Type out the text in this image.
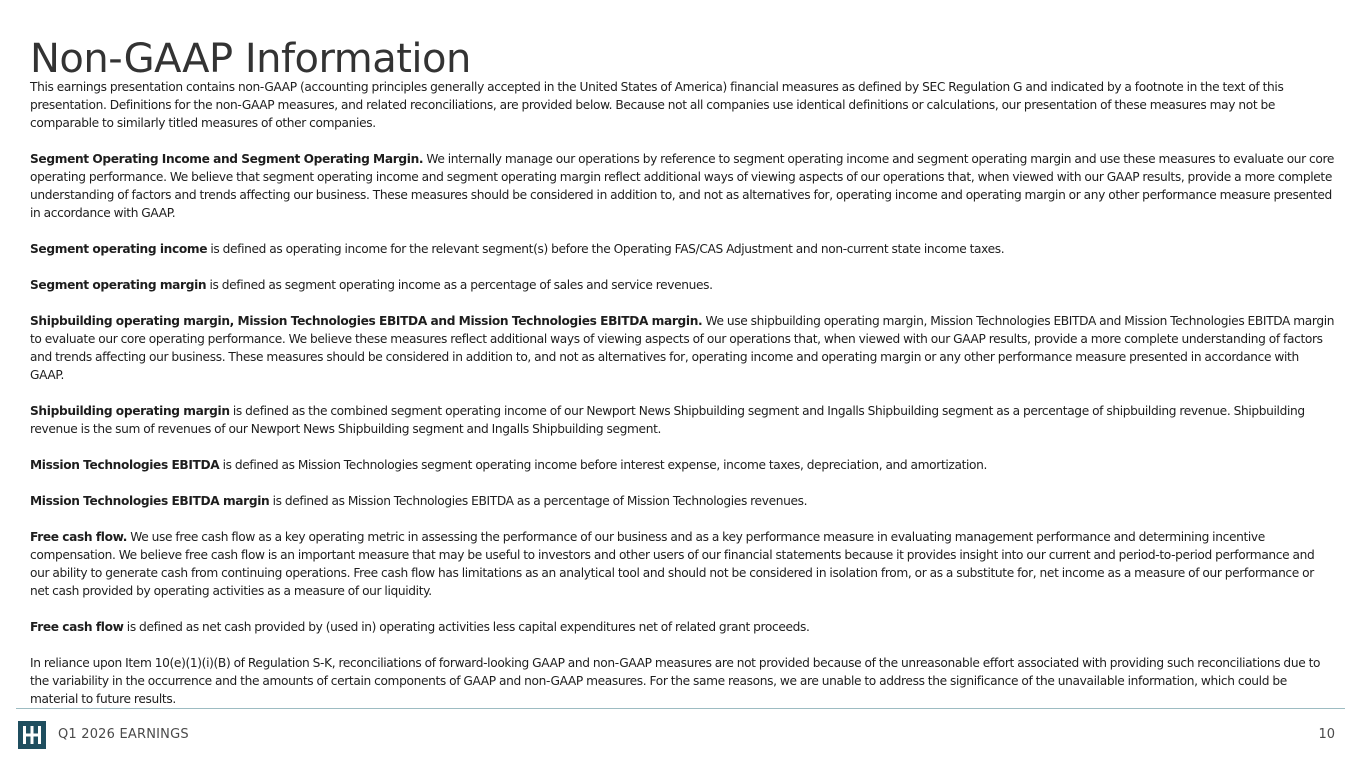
Non-GAAP Information

This earnings presentation contains non-GAAP (accounting principles generally accepted in the United States of America) financial measures as defined by SEC Regulation G and indicated by a footnote in the text of this presentation. Definitions for the non-GAAP measures, and related reconciliations, are provided below. Because not all companies use identical definitions or calculations, our presentation of these measures may not be comparable to similarly titled measures of other companies.

Segment Operating Income and Segment Operating Margin. We internally manage our operations by reference to segment operating income and segment operating margin and use these measures to evaluate our core operating performance. We believe that segment operating income and segment operating margin reflect additional ways of viewing aspects of our operations that, when viewed with our GAAP results, provide a more complete understanding of factors and trends affecting our business. These measures should be considered in addition to, and not as alternatives for, operating income and operating margin or any other performance measure presented in accordance with GAAP.

Segment operating income is defined as operating income for the relevant segment(s) before the Operating FAS/CAS Adjustment and non-current state income taxes.

Segment operating margin is defined as segment operating income as a percentage of sales and service revenues.

Shipbuilding operating margin, Mission Technologies EBITDA and Mission Technologies EBITDA margin. We use shipbuilding operating margin, Mission Technologies EBITDA and Mission Technologies EBITDA margin to evaluate our core operating performance. We believe these measures reflect additional ways of viewing aspects of our operations that, when viewed with our GAAP results, provide a more complete understanding of factors and trends affecting our business. These measures should be considered in addition to, and not as alternatives for, operating income and operating margin or any other performance measure presented in accordance with GAAP.

Shipbuilding operating margin is defined as the combined segment operating income of our Newport News Shipbuilding segment and Ingalls Shipbuilding segment as a percentage of shipbuilding revenue. Shipbuilding revenue is the sum of revenues of our Newport News Shipbuilding segment and Ingalls Shipbuilding segment.

Mission Technologies EBITDA is defined as Mission Technologies segment operating income before interest expense, income taxes, depreciation, and amortization.

Mission Technologies EBITDA margin is defined as Mission Technologies EBITDA as a percentage of Mission Technologies revenues.

Free cash flow. We use free cash flow as a key operating metric in assessing the performance of our business and as a key performance measure in evaluating management performance and determining incentive compensation. We believe free cash flow is an important measure that may be useful to investors and other users of our financial statements because it provides insight into our current and period-to-period performance and our ability to generate cash from continuing operations. Free cash flow has limitations as an analytical tool and should not be considered in isolation from, or as a substitute for, net income as a measure of our performance or net cash provided by operating activities as a measure of our liquidity.

Free cash flow is defined as net cash provided by (used in) operating activities less capital expenditures net of related grant proceeds.

In reliance upon Item 10(e)(1)(i)(B) of Regulation S-K, reconciliations of forward-looking GAAP and non-GAAP measures are not provided because of the unreasonable effort associated with providing such reconciliations due to the variability in the occurrence and the amounts of certain components of GAAP and non-GAAP measures. For the same reasons, we are unable to address the significance of the unavailable information, which could be material to future results.

Q1 2026 EARNINGS	10
